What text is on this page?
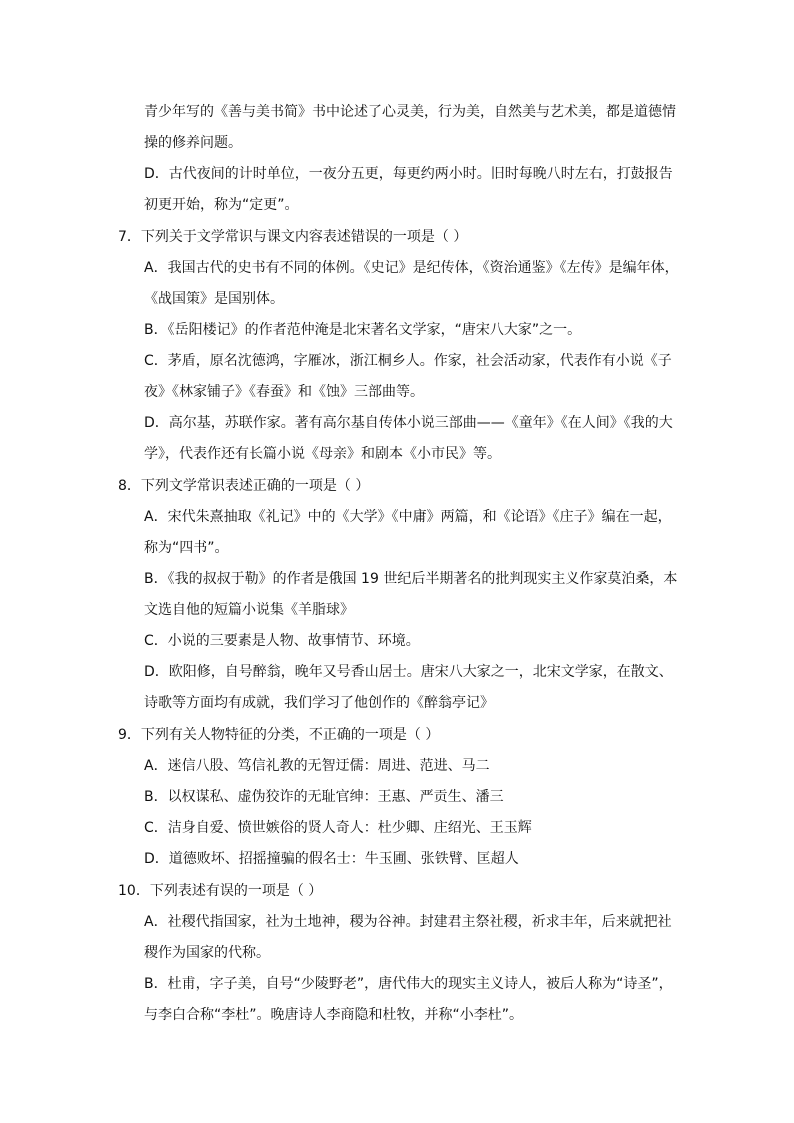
青少年写的《善与美书简》书中论述了心灵美，行为美，自然美与艺术美，都是道德情
操的修养问题。
D．古代夜间的计时单位，一夜分五更，每更约两小时。旧时每晚八时左右，打鼓报告
初更开始，称为“定更”。
7．下列关于文学常识与课文内容表述错误的一项是（ ）
A．我国古代的史书有不同的体例。《史记》是纪传体，《资治通鉴》《左传》是编年体，
《战国策》是国别体。
B．《岳阳楼记》的作者范仲淹是北宋著名文学家，“唐宋八大家”之一。
C．茅盾，原名沈德鸿，字雁冰，浙江桐乡人。作家，社会活动家，代表作有小说《子
夜》《林家铺子》《春蚕》和《蚀》三部曲等。
D．高尔基，苏联作家。著有高尔基自传体小说三部曲——《童年》《在人间》《我的大
学》，代表作还有长篇小说《母亲》和剧本《小市民》等。
8．下列文学常识表述正确的一项是（ ）
A．宋代朱熹抽取《礼记》中的《大学》《中庸》两篇，和《论语》《庄子》编在一起，
称为“四书”。
B．《我的叔叔于勒》的作者是俄国 19 世纪后半期著名的批判现实主义作家莫泊桑，本
文选自他的短篇小说集《羊脂球》
C．小说的三要素是人物、故事情节、环境。
D．欧阳修，自号醉翁，晚年又号香山居士。唐宋八大家之一，北宋文学家，在散文、
诗歌等方面均有成就，我们学习了他创作的《醉翁亭记》
9．下列有关人物特征的分类，不正确的一项是（ ）
A．迷信八股、笃信礼教的无智迂儒：周进、范进、马二
B．以权谋私、虚伪狡诈的无耻官绅：王惠、严贡生、潘三
C．洁身自爱、愤世嫉俗的贤人奇人：杜少卿、庄绍光、王玉辉
D．道德败坏、招摇撞骗的假名士：牛玉圃、张铁臂、匡超人
10．下列表述有误的一项是（ ）
A．社稷代指国家，社为土地神，稷为谷神。封建君主祭社稷，祈求丰年，后来就把社
稷作为国家的代称。
B．杜甫，字子美，自号“少陵野老”，唐代伟大的现实主义诗人，被后人称为“诗圣”，
与李白合称“李杜”。晚唐诗人李商隐和杜牧，并称“小李杜”。
